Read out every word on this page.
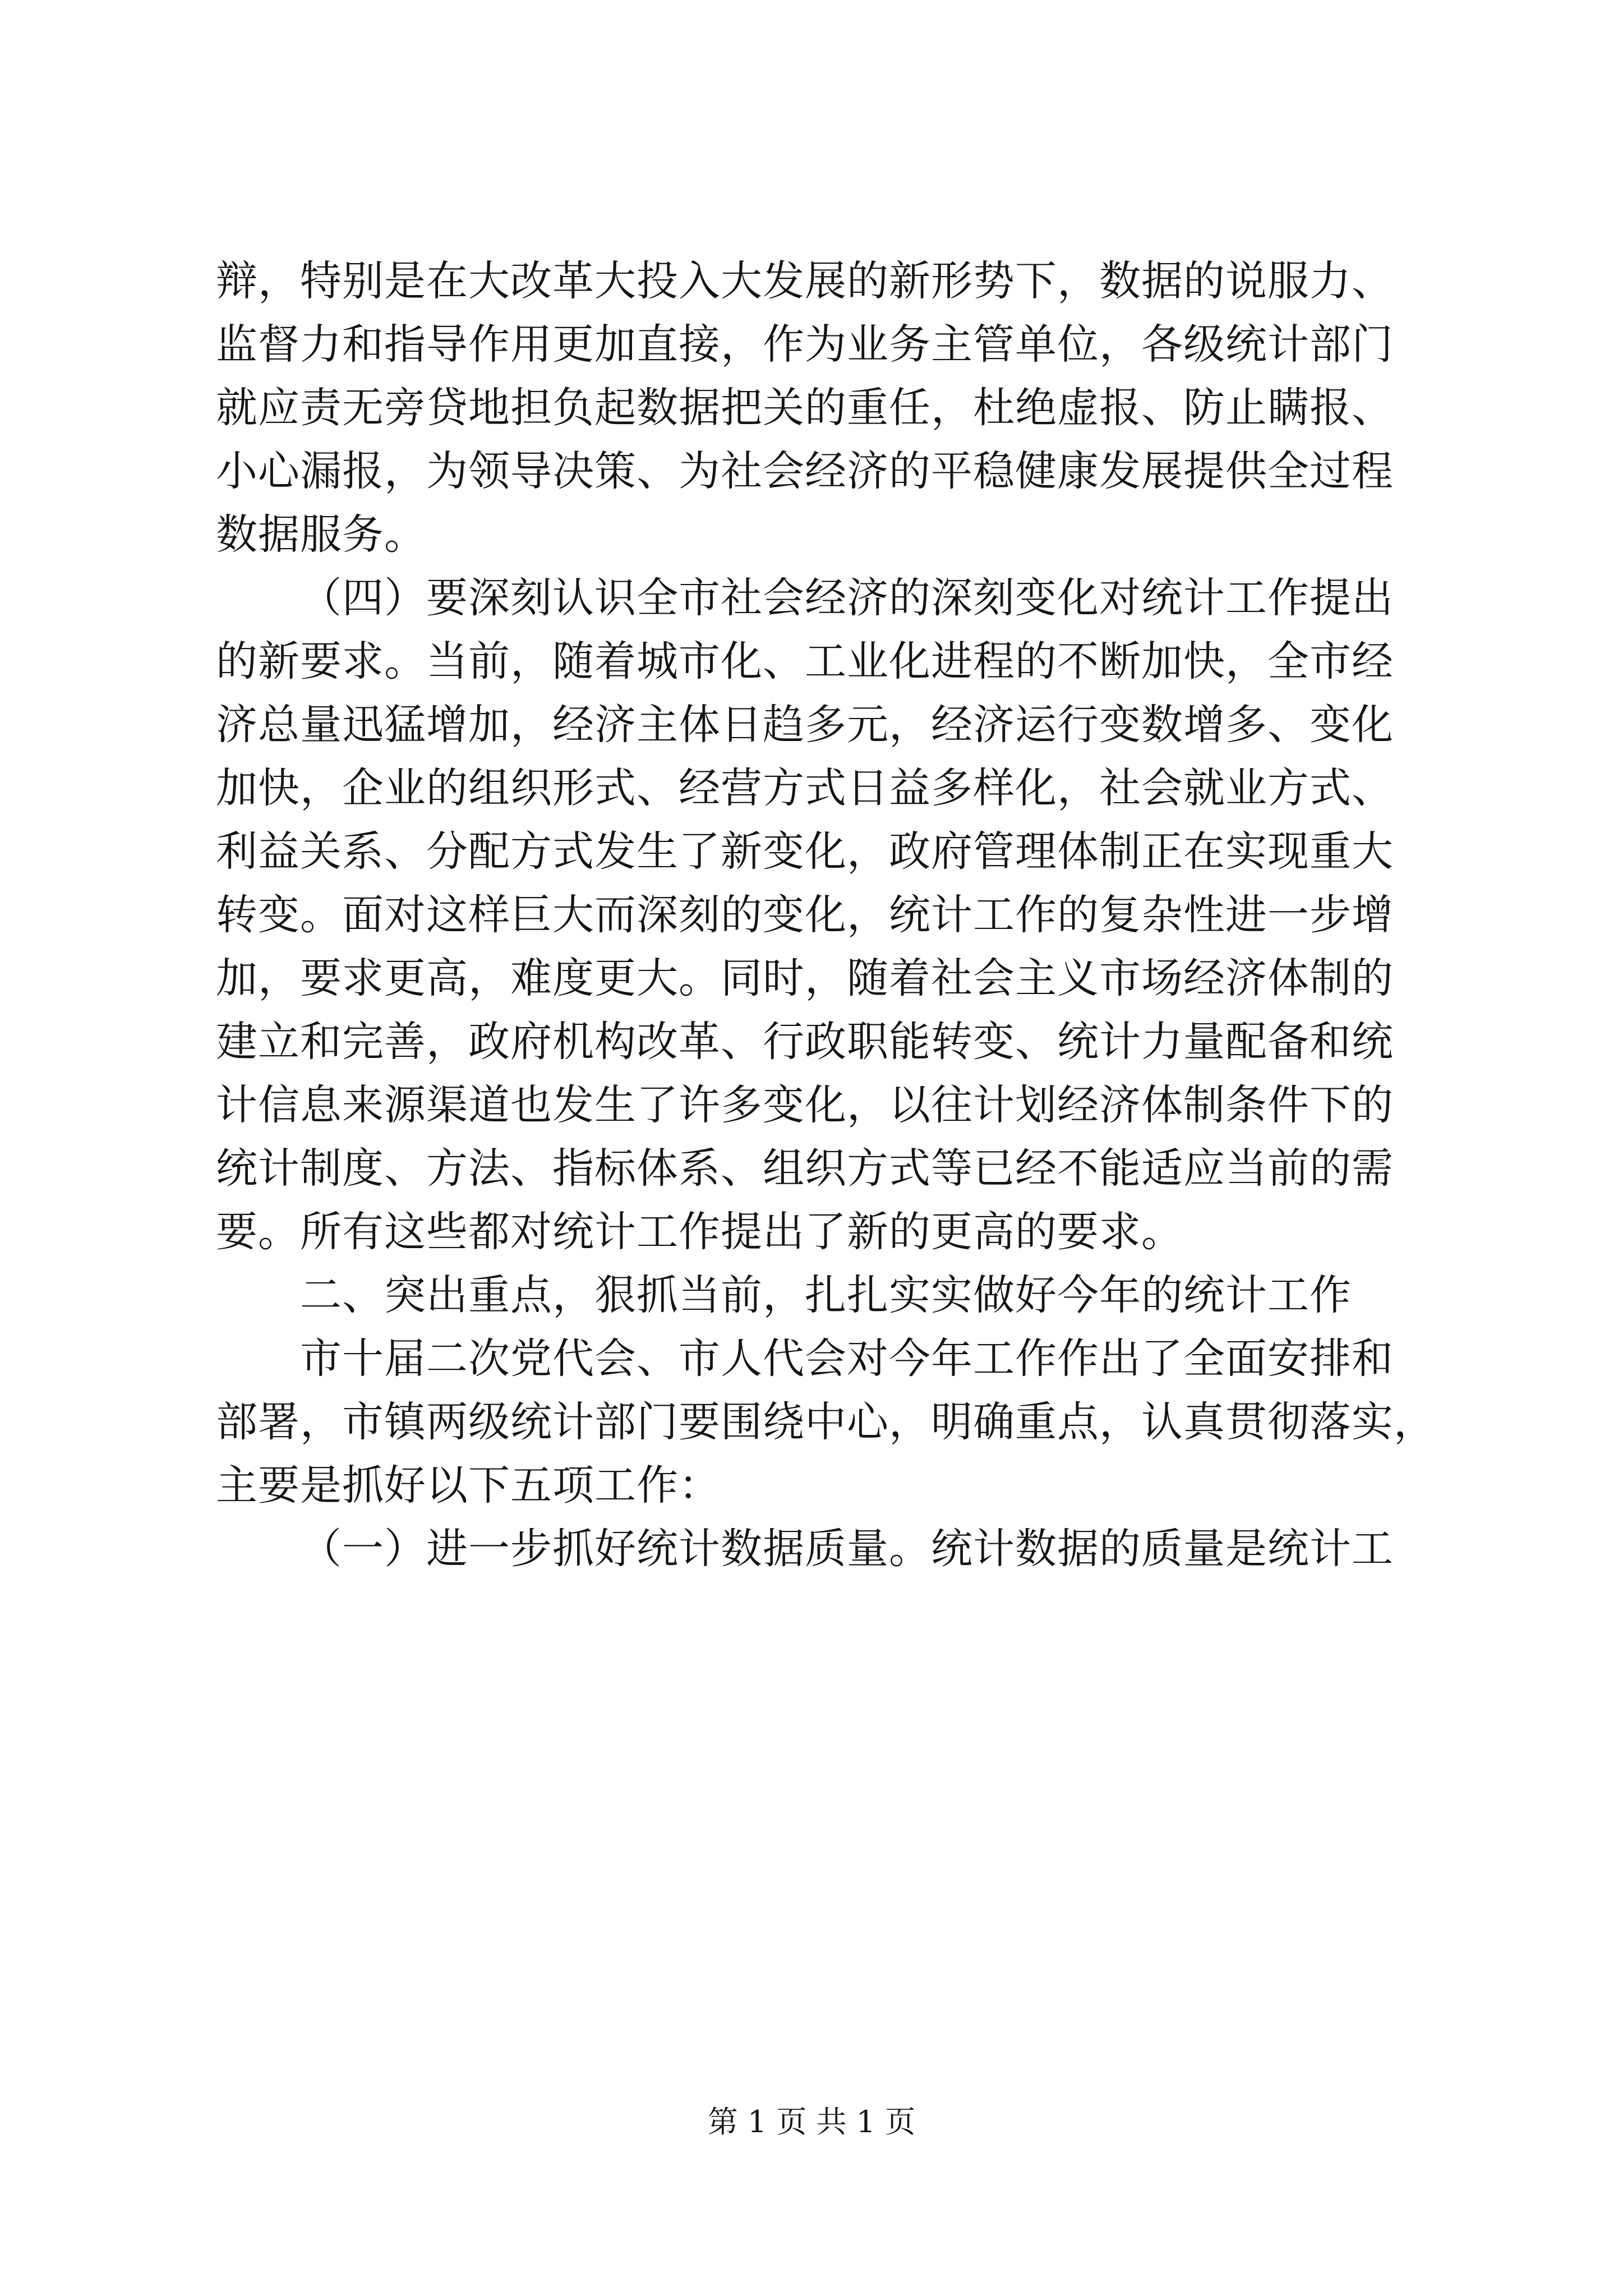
辩，特别是在大改革大投入大发展的新形势下，数据的说服力、
监督力和指导作用更加直接，作为业务主管单位，各级统计部门
就应责无旁贷地担负起数据把关的重任，杜绝虚报、防止瞒报、
小心漏报，为领导决策、为社会经济的平稳健康发展提供全过程
数据服务。
（四）要深刻认识全市社会经济的深刻变化对统计工作提出
的新要求。当前，随着城市化、工业化进程的不断加快，全市经
济总量迅猛增加，经济主体日趋多元，经济运行变数增多、变化
加快，企业的组织形式、经营方式日益多样化，社会就业方式、
利益关系、分配方式发生了新变化，政府管理体制正在实现重大
转变。面对这样巨大而深刻的变化，统计工作的复杂性进一步增
加，要求更高，难度更大。同时，随着社会主义市场经济体制的
建立和完善，政府机构改革、行政职能转变、统计力量配备和统
计信息来源渠道也发生了许多变化，以往计划经济体制条件下的
统计制度、方法、指标体系、组织方式等已经不能适应当前的需
要。所有这些都对统计工作提出了新的更高的要求。
二、突出重点，狠抓当前，扎扎实实做好今年的统计工作
市十届二次党代会、市人代会对今年工作作出了全面安排和
部署，市镇两级统计部门要围绕中心，明确重点，认真贯彻落实，
主要是抓好以下五项工作：
（一）进一步抓好统计数据质量。统计数据的质量是统计工
第 1 页 共 1 页
